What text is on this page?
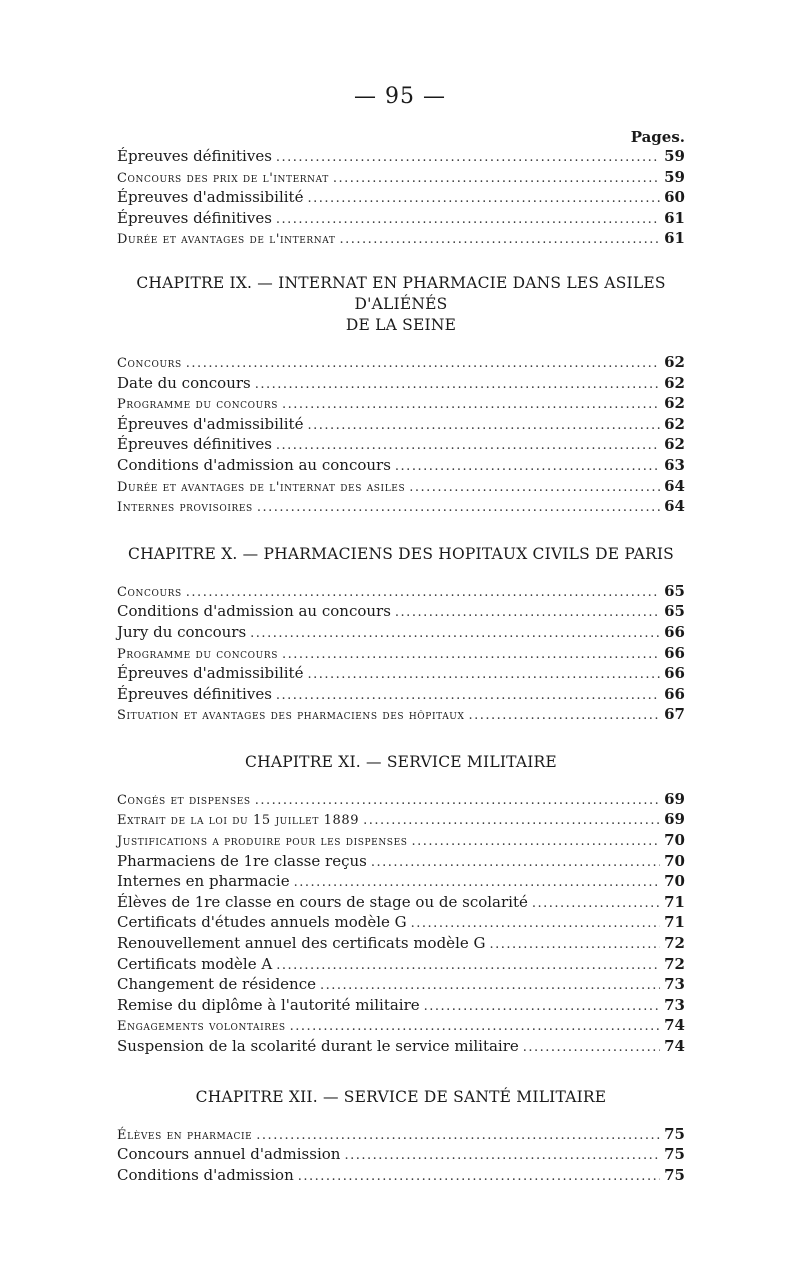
— 95 —
Pages.
Épreuves définitives .....	59
Concours des prix de l'internat .....	59
Épreuves d'admissibilité .....	60
Épreuves définitives .....	61
Durée et avantages de l'internat .....	61
CHAPITRE IX. — INTERNAT EN PHARMACIE DANS LES ASILES D'ALIÉNÉS
DE LA SEINE
Concours .....	62
Date du concours .....	62
Programme du concours .....	62
Épreuves d'admissibilité .....	62
Épreuves définitives .....	62
Conditions d'admission au concours .....	63
Durée et avantages de l'internat des asiles .....	64
Internes provisoires .....	64
CHAPITRE X. — PHARMACIENS DES HOPITAUX CIVILS DE PARIS
Concours .....	65
Conditions d'admission au concours .....	65
Jury du concours .....	66
Programme du concours .....	66
Épreuves d'admissibilité .....	66
Épreuves définitives .....	66
Situation et avantages des pharmaciens des hôpitaux .....	67
CHAPITRE XI. — SERVICE MILITAIRE
Congés et dispenses .....	69
Extrait de la loi du 15 juillet 1889 .....	69
Justifications a produire pour les dispenses .....	70
Pharmaciens de 1re classe reçus .....	70
Internes en pharmacie .....	70
Élèves de 1re classe en cours de stage ou de scolarité .....	71
Certificats d'études annuels modèle G .....	71
Renouvellement annuel des certificats modèle G .....	72
Certificats modèle A .....	72
Changement de résidence .....	73
Remise du diplôme à l'autorité militaire .....	73
Engagements volontaires .....	74
Suspension de la scolarité durant le service militaire .....	74
CHAPITRE XII. — SERVICE DE SANTÉ MILITAIRE
Élèves en pharmacie .....	75
Concours annuel d'admission .....	75
Conditions d'admission .....	75
